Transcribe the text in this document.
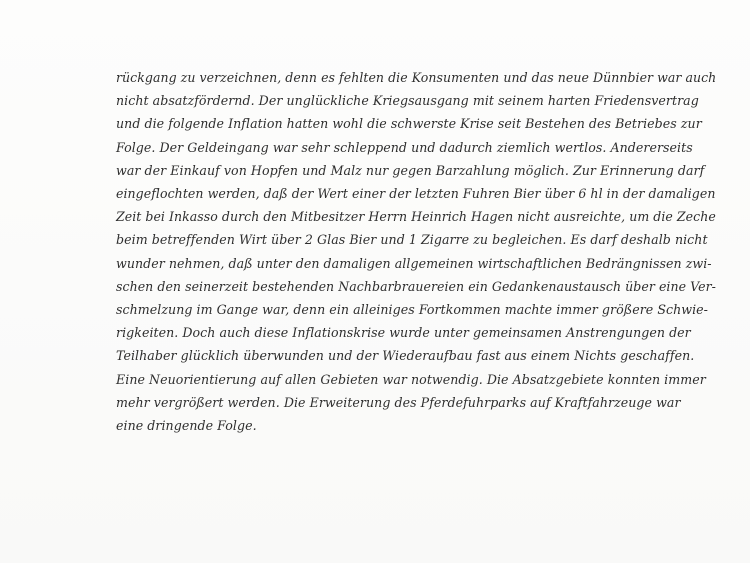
rückgang zu verzeichnen, denn es fehlten die Konsumenten und das neue Dünnbier war auch
nicht absatzfördernd. Der unglückliche Kriegsausgang mit seinem harten Friedensvertrag
und die folgende Inflation hatten wohl die schwerste Krise seit Bestehen des Betriebes zur
Folge. Der Geldeingang war sehr schleppend und dadurch ziemlich wertlos. Andererseits
war der Einkauf von Hopfen und Malz nur gegen Barzahlung möglich. Zur Erinnerung darf
eingeflochten werden, daß der Wert einer der letzten Fuhren Bier über 6 hl in der damaligen
Zeit bei Inkasso durch den Mitbesitzer Herrn Heinrich Hagen nicht ausreichte, um die Zeche
beim betreffenden Wirt über 2 Glas Bier und 1 Zigarre zu begleichen. Es darf deshalb nicht
wunder nehmen, daß unter den damaligen allgemeinen wirtschaftlichen Bedrängnissen zwi-
schen den seinerzeit bestehenden Nachbarbrauereien ein Gedankenaustausch über eine Ver-
schmelzung im Gange war, denn ein alleiniges Fortkommen machte immer größere Schwie-
rigkeiten. Doch auch diese Inflationskrise wurde unter gemeinsamen Anstrengungen der
Teilhaber glücklich überwunden und der Wiederaufbau fast aus einem Nichts geschaffen.
Eine Neuorientierung auf allen Gebieten war notwendig. Die Absatzgebiete konnten immer
mehr vergrößert werden. Die Erweiterung des Pferdefuhrparks auf Kraftfahrzeuge war
eine dringende Folge.
